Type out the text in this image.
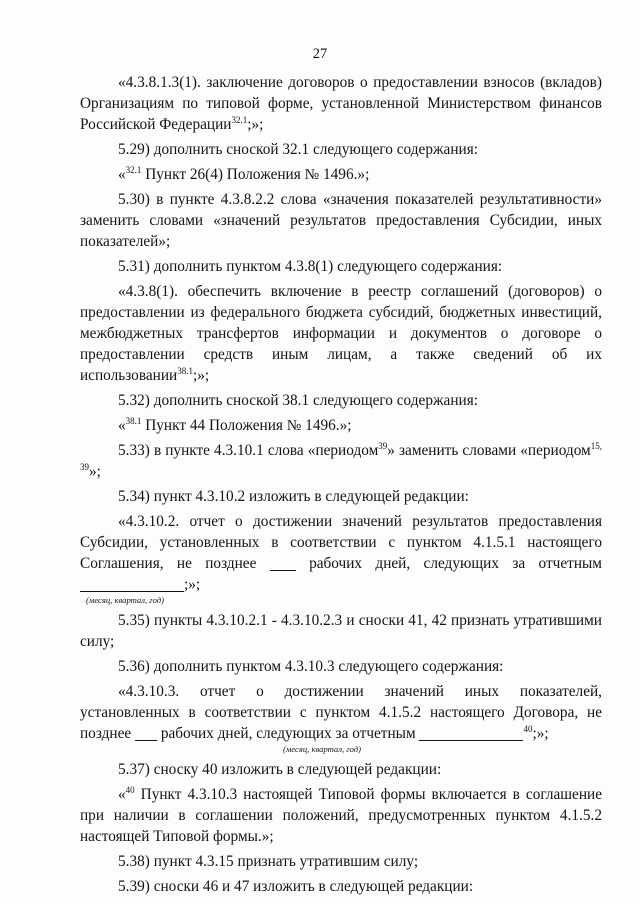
27

«4.3.8.1.3(1). заключение договоров о предоставлении взносов (вкладов) Организациям по типовой форме, установленной Министерством финансов Российской Федерации$^{32.1}$;»;

5.29) дополнить сноской 32.1 следующего содержания:

«$^{32.1}$ Пункт 26(4) Положения № 1496.»;

5.30) в пункте 4.3.8.2.2 слова «значения показателей результативности» заменить словами «значений результатов предоставления Субсидии, иных показателей»;

5.31) дополнить пунктом 4.3.8(1) следующего содержания:

«4.3.8(1). обеспечить включение в реестр соглашений (договоров) о предоставлении из федерального бюджета субсидий, бюджетных инвестиций, межбюджетных трансфертов информации и документов о договоре о предоставлении средств иным лицам, а также сведений об их использовании$^{38.1}$;»;

5.32) дополнить сноской 38.1 следующего содержания:

«$^{38.1}$ Пункт 44 Положения № 1496.»;

5.33) в пункте 4.3.10.1 слова «периодом$^{39}$» заменить словами «периодом$^{15, 39}$»;

5.34) пункт 4.3.10.2 изложить в следующей редакции:

«4.3.10.2. отчет о достижении значений результатов предоставления Субсидии, установленных в соответствии с пунктом 4.1.5.1 настоящего Соглашения, не позднее	рабочих дней, следующих за отчетным

;»;

(месяц, квартал, год)

5.35) пункты 4.3.10.2.1 - 4.3.10.2.3 и сноски 41, 42 признать утратившими силу;

5.36) дополнить пунктом 4.3.10.3 следующего содержания:

«4.3.10.3. отчет о достижении значений иных показателей, установленных в соответствии с пунктом 4.1.5.2 настоящего Договора, не позднее рабочих дней, следующих за отчетным	$^{40}$;»;

(месяц, квартал, год)

5.37) сноску 40 изложить в следующей редакции:

«$^{40}$ Пункт 4.3.10.3 настоящей Типовой формы включается в соглашение при наличии в соглашении положений, предусмотренных пунктом 4.1.5.2 настоящей Типовой формы.»;

5.38) пункт 4.3.15 признать утратившим силу;

5.39) сноски 46 и 47 изложить в следующей редакции:
